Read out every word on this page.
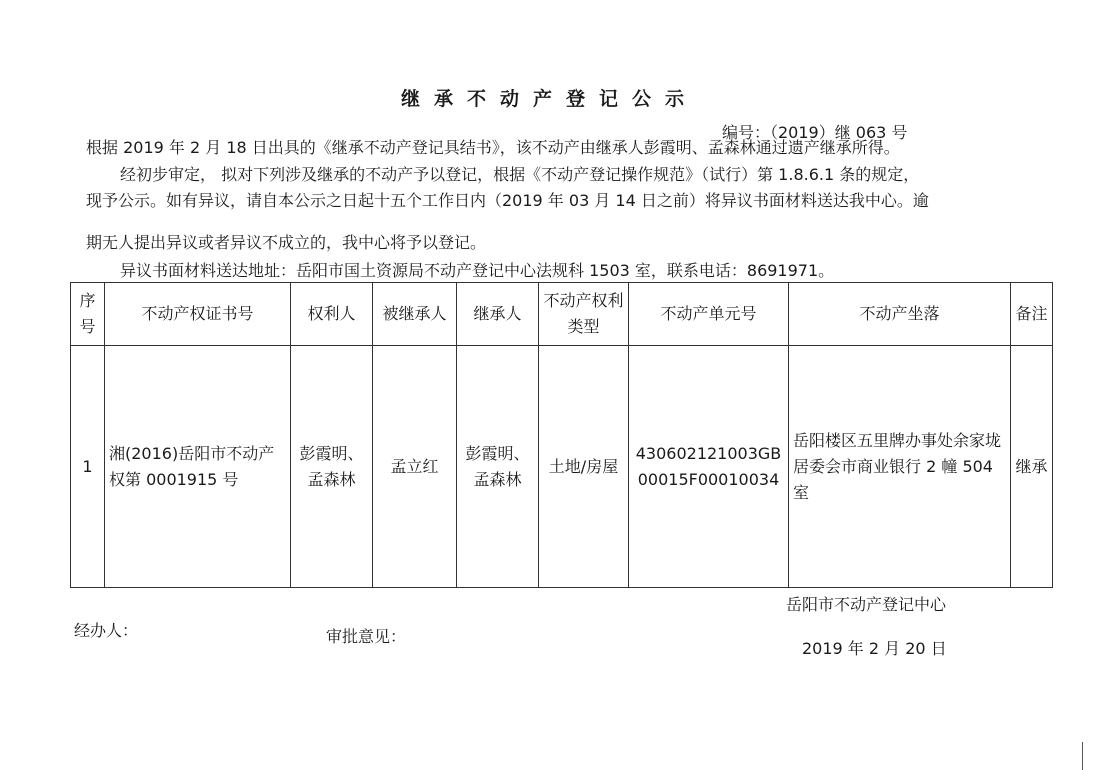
继承不动产登记公示
编号：（2019）继 063 号
根据 2019 年 2 月 18 日出具的《继承不动产登记具结书》，该不动产由继承人彭霞明、孟森林通过遗产继承所得。
经初步审定， 拟对下列涉及继承的不动产予以登记，根据《不动产登记操作规范》（试行）第 1.8.6.1 条的规定，
现予公示。如有异议，请自本公示之日起十五个工作日内（2019 年 03 月 14 日之前）将异议书面材料送达我中心。逾
期无人提出异议或者异议不成立的，我中心将予以登记。
异议书面材料送达地址：岳阳市国土资源局不动产登记中心法规科 1503 室，联系电话：8691971。
序号	不动产权证书号	权利人	被继承人	继承人	不动产权利类型	不动产单元号	不动产坐落	备注
1	湘(2016)岳阳市不动产权第 0001915 号	彭霞明、孟森林	孟立红	彭霞明、孟森林	土地/房屋	430602121003GB00015F00010034	岳阳楼区五里牌办事处余家垅居委会市商业银行 2 幢 504 室	继承
岳阳市不动产登记中心
经办人：	审批意见：
2019 年 2 月 20 日
